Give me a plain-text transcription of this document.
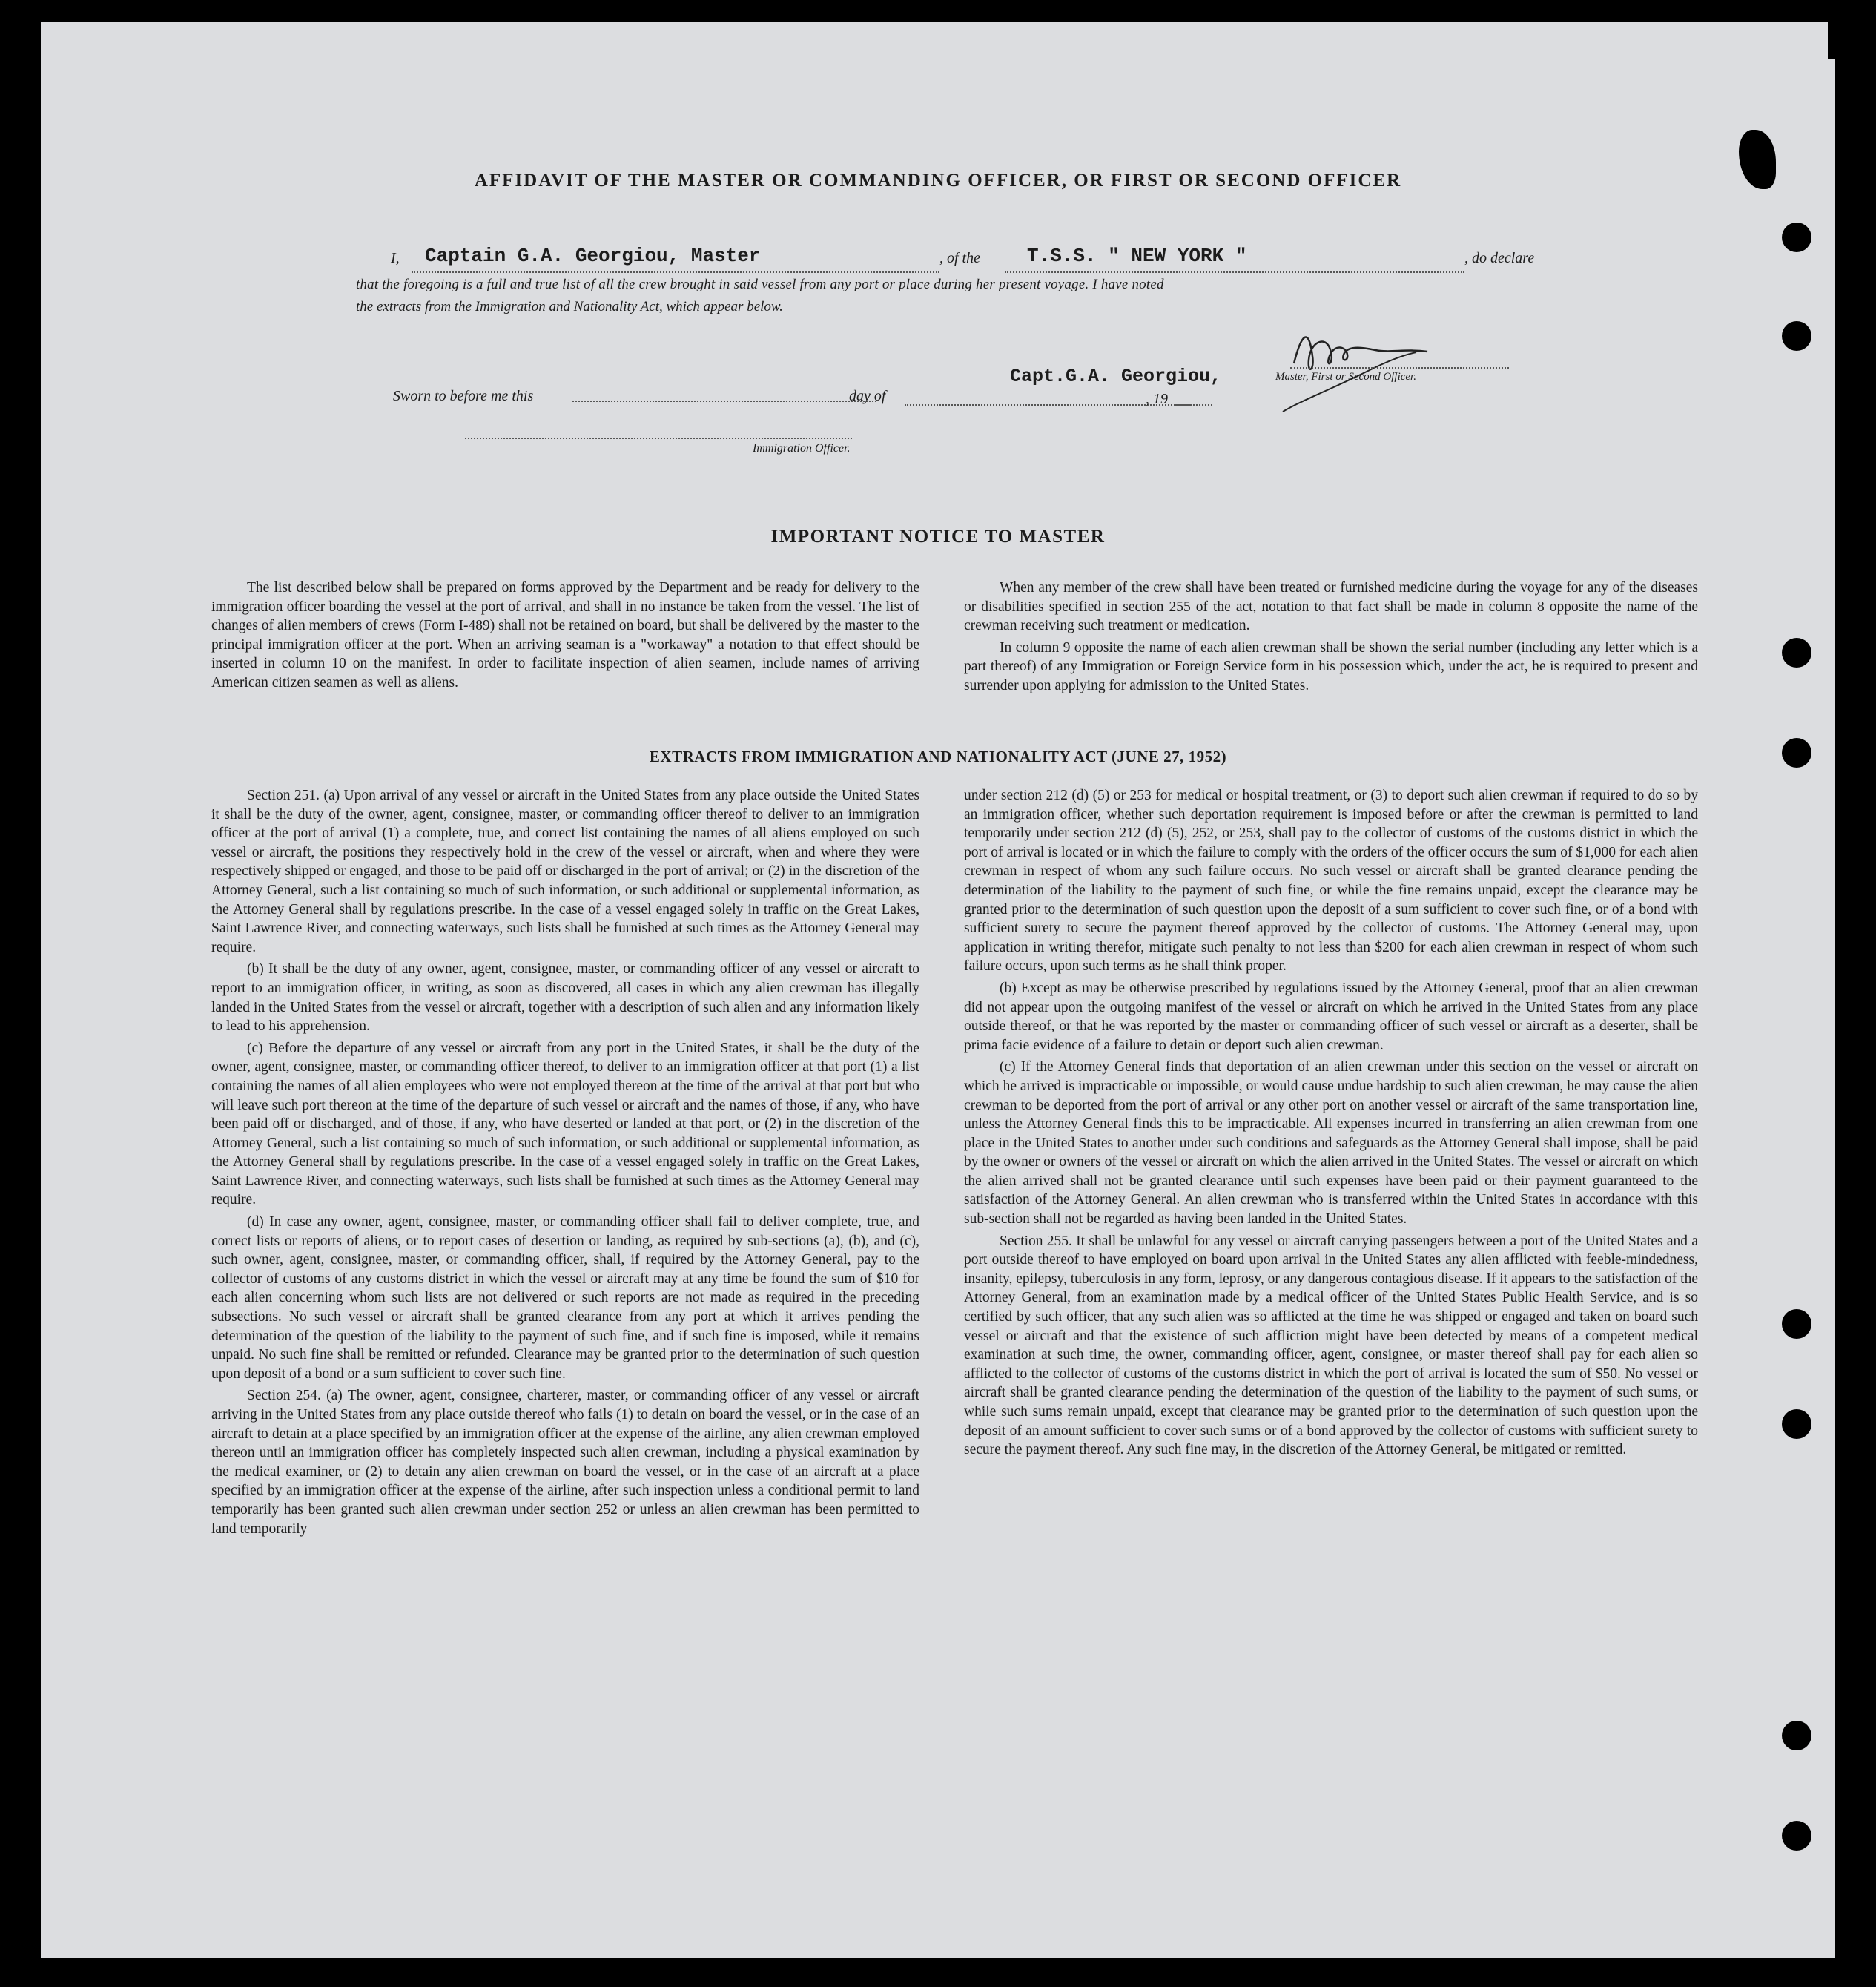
AFFIDAVIT OF THE MASTER OR COMMANDING OFFICER, OR FIRST OR SECOND OFFICER
I, Captain G.A. Georgiou, Master	, of the T.S.S. " NEW YORK "	, do declare
that the foregoing is a full and true list of all the crew brought in said vessel from any port or place during her present voyage. I have noted
the extracts from the Immigration and Nationality Act, which appear below.
Master, First or Second Officer.
Sworn to before me this	day of
Capt.G.A. Georgiou,
, 19
Immigration Officer.
IMPORTANT NOTICE TO MASTER

The list described below shall be prepared on forms approved by the Department and be ready for delivery to the immigration officer boarding the vessel at the port of arrival, and shall in no instance be taken from the vessel. The list of changes of alien members of crews (Form I-489) shall not be retained on board, but shall be delivered by the master to the principal immigration officer at the port. When an arriving seaman is a "workaway" a notation to that effect should be inserted in column 10 on the manifest. In order to facilitate inspection of alien seamen, include names of arriving American citizen seamen as well as aliens.

When any member of the crew shall have been treated or furnished medicine during the voyage for any of the diseases or disabilities specified in section 255 of the act, notation to that fact shall be made in column 8 opposite the name of the crewman receiving such treatment or medication.

In column 9 opposite the name of each alien crewman shall be shown the serial number (including any letter which is a part thereof) of any Immigration or Foreign Service form in his possession which, under the act, he is required to present and surrender upon applying for admission to the United States.

EXTRACTS FROM IMMIGRATION AND NATIONALITY ACT (JUNE 27, 1952)

Section 251. (a) Upon arrival of any vessel or aircraft in the United States from any place outside the United States it shall be the duty of the owner, agent, consignee, master, or commanding officer thereof to deliver to an immigration officer at the port of arrival (1) a complete, true, and correct list containing the names of all aliens employed on such vessel or aircraft, the positions they respectively hold in the crew of the vessel or aircraft, when and where they were respectively shipped or engaged, and those to be paid off or discharged in the port of arrival; or (2) in the discretion of the Attorney General, such a list containing so much of such information, or such additional or supplemental information, as the Attorney General shall by regulations prescribe. In the case of a vessel engaged solely in traffic on the Great Lakes, Saint Lawrence River, and connecting waterways, such lists shall be furnished at such times as the Attorney General may require.

(b) It shall be the duty of any owner, agent, consignee, master, or commanding officer of any vessel or aircraft to report to an immigration officer, in writing, as soon as discovered, all cases in which any alien crewman has illegally landed in the United States from the vessel or aircraft, together with a description of such alien and any information likely to lead to his apprehension.

(c) Before the departure of any vessel or aircraft from any port in the United States, it shall be the duty of the owner, agent, consignee, master, or commanding officer thereof, to deliver to an immigration officer at that port (1) a list containing the names of all alien employees who were not employed thereon at the time of the arrival at that port but who will leave such port thereon at the time of the departure of such vessel or aircraft and the names of those, if any, who have been paid off or discharged, and of those, if any, who have deserted or landed at that port, or (2) in the discretion of the Attorney General, such a list containing so much of such information, or such additional or supplemental information, as the Attorney General shall by regulations prescribe. In the case of a vessel engaged solely in traffic on the Great Lakes, Saint Lawrence River, and connecting waterways, such lists shall be furnished at such times as the Attorney General may require.

(d) In case any owner, agent, consignee, master, or commanding officer shall fail to deliver complete, true, and correct lists or reports of aliens, or to report cases of desertion or landing, as required by sub-sections (a), (b), and (c), such owner, agent, consignee, master, or commanding officer, shall, if required by the Attorney General, pay to the collector of customs of any customs district in which the vessel or aircraft may at any time be found the sum of $10 for each alien concerning whom such lists are not delivered or such reports are not made as required in the preceding subsections. No such vessel or aircraft shall be granted clearance from any port at which it arrives pending the determination of the question of the liability to the payment of such fine, and if such fine is imposed, while it remains unpaid. No such fine shall be remitted or refunded. Clearance may be granted prior to the determination of such question upon deposit of a bond or a sum sufficient to cover such fine.

Section 254. (a) The owner, agent, consignee, charterer, master, or commanding officer of any vessel or aircraft arriving in the United States from any place outside thereof who fails (1) to detain on board the vessel, or in the case of an aircraft to detain at a place specified by an immigration officer at the expense of the airline, any alien crewman employed thereon until an immigration officer has completely inspected such alien crewman, including a physical examination by the medical examiner, or (2) to detain any alien crewman on board the vessel, or in the case of an aircraft at a place specified by an immigration officer at the expense of the airline, after such inspection unless a conditional permit to land temporarily has been granted such alien crewman under section 252 or unless an alien crewman has been permitted to land temporarily

under section 212 (d) (5) or 253 for medical or hospital treatment, or (3) to deport such alien crewman if required to do so by an immigration officer, whether such deportation requirement is imposed before or after the crewman is permitted to land temporarily under section 212 (d) (5), 252, or 253, shall pay to the collector of customs of the customs district in which the port of arrival is located or in which the failure to comply with the orders of the officer occurs the sum of $1,000 for each alien crewman in respect of whom any such failure occurs. No such vessel or aircraft shall be granted clearance pending the determination of the liability to the payment of such fine, or while the fine remains unpaid, except the clearance may be granted prior to the determination of such question upon the deposit of a sum sufficient to cover such fine, or of a bond with sufficient surety to secure the payment thereof approved by the collector of customs. The Attorney General may, upon application in writing therefor, mitigate such penalty to not less than $200 for each alien crewman in respect of whom such failure occurs, upon such terms as he shall think proper.

(b) Except as may be otherwise prescribed by regulations issued by the Attorney General, proof that an alien crewman did not appear upon the outgoing manifest of the vessel or aircraft on which he arrived in the United States from any place outside thereof, or that he was reported by the master or commanding officer of such vessel or aircraft as a deserter, shall be prima facie evidence of a failure to detain or deport such alien crewman.

(c) If the Attorney General finds that deportation of an alien crewman under this section on the vessel or aircraft on which he arrived is impracticable or impossible, or would cause undue hardship to such alien crewman, he may cause the alien crewman to be deported from the port of arrival or any other port on another vessel or aircraft of the same transportation line, unless the Attorney General finds this to be impracticable. All expenses incurred in transferring an alien crewman from one place in the United States to another under such conditions and safeguards as the Attorney General shall impose, shall be paid by the owner or owners of the vessel or aircraft on which the alien arrived in the United States. The vessel or aircraft on which the alien arrived shall not be granted clearance until such expenses have been paid or their payment guaranteed to the satisfaction of the Attorney General. An alien crewman who is transferred within the United States in accordance with this sub-section shall not be regarded as having been landed in the United States.

Section 255. It shall be unlawful for any vessel or aircraft carrying passengers between a port of the United States and a port outside thereof to have employed on board upon arrival in the United States any alien afflicted with feeble-mindedness, insanity, epilepsy, tuberculosis in any form, leprosy, or any dangerous contagious disease. If it appears to the satisfaction of the Attorney General, from an examination made by a medical officer of the United States Public Health Service, and is so certified by such officer, that any such alien was so afflicted at the time he was shipped or engaged and taken on board such vessel or aircraft and that the existence of such affliction might have been detected by means of a competent medical examination at such time, the owner, commanding officer, agent, consignee, or master thereof shall pay for each alien so afflicted to the collector of customs of the customs district in which the port of arrival is located the sum of $50. No vessel or aircraft shall be granted clearance pending the determination of the question of the liability to the payment of such sums, or while such sums remain unpaid, except that clearance may be granted prior to the determination of such question upon the deposit of an amount sufficient to cover such sums or of a bond approved by the collector of customs with sufficient surety to secure the payment thereof. Any such fine may, in the discretion of the Attorney General, be mitigated or remitted.
